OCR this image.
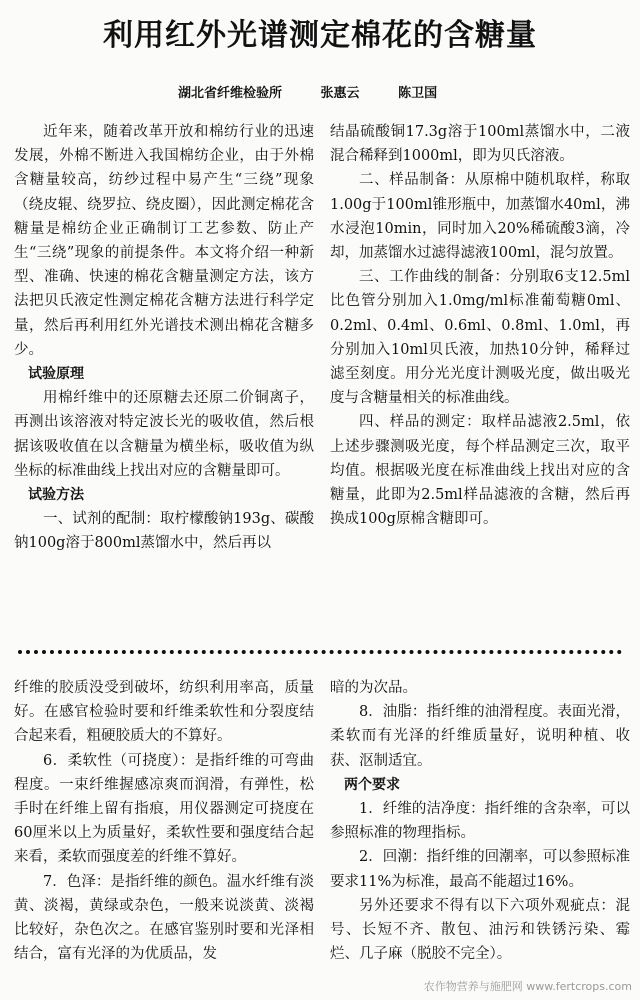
利用红外光谱测定棉花的含糖量
湖北省纤维检验所	张惠云	陈卫国

近年来，随着改革开放和棉纺行业的迅速发展，外棉不断进入我国棉纺企业，由于外棉含糖量较高，纺纱过程中易产生“三绕”现象（绕皮辊、绕罗拉、绕皮圈），因此测定棉花含糖量是棉纺企业正确制订工艺参数、防止产生“三绕”现象的前提条件。本文将介绍一种新型、准确、快速的棉花含糖量测定方法，该方法把贝氏液定性测定棉花含糖方法进行科学定量，然后再利用红外光谱技术测出棉花含糖多少。

试验原理

用棉纤维中的还原糖去还原二价铜离子，再测出该溶液对特定波长光的吸收值，然后根据该吸收值在以含糖量为横坐标，吸收值为纵坐标的标准曲线上找出对应的含糖量即可。

试验方法

一、试剂的配制：取柠檬酸钠193g、碳酸钠100g溶于800ml蒸馏水中，然后再以

结晶硫酸铜17.3g溶于100ml蒸馏水中，二液混合稀释到1000ml，即为贝氏溶液。

二、样品制备：从原棉中随机取样，称取1.00g于100ml锥形瓶中，加蒸馏水40ml，沸水浸泡10min，同时加入20%稀硫酸3滴，冷却，加蒸馏水过滤得滤液100ml，混匀放置。

三、工作曲线的制备：分别取6支12.5ml比色管分别加入1.0mg/ml标准葡萄糖0ml、0.2ml、0.4ml、0.6ml、0.8ml、1.0ml，再分别加入10ml贝氏液，加热10分钟，稀释过滤至刻度。用分光光度计测吸光度，做出吸光度与含糖量相关的标准曲线。

四、样品的测定：取样品滤液2.5ml，依上述步骤测吸光度，每个样品测定三次，取平均值。根据吸光度在标准曲线上找出对应的含糖量，此即为2.5ml样品滤液的含糖，然后再换成100g原棉含糖即可。

纤维的胶质没受到破坏，纺织利用率高，质量好。在感官检验时要和纤维柔软性和分裂度结合起来看，粗硬胶质大的不算好。

6．柔软性（可挠度）：是指纤维的可弯曲程度。一束纤维握感凉爽而润滑，有弹性，松手时在纤维上留有指痕，用仪器测定可挠度在60厘米以上为质量好，柔软性要和强度结合起来看，柔软而强度差的纤维不算好。

7．色泽：是指纤维的颜色。温水纤维有淡黄、淡褐，黄绿或杂色，一般来说淡黄、淡褐比较好，杂色次之。在感官鉴别时要和光泽相结合，富有光泽的为优质品，发

暗的为次品。

8．油脂：指纤维的油滑程度。表面光滑，柔软而有光泽的纤维质量好，说明种植、收获、沤制适宜。

两个要求

1．纤维的洁净度：指纤维的含杂率，可以参照标准的物理指标。

2．回潮：指纤维的回潮率，可以参照标准要求11%为标准，最高不能超过16%。

另外还要求不得有以下六项外观疵点：混号、长短不齐、散包、油污和铁锈污染、霉烂、几子麻（脱胶不完全）。

农作物营养与施肥网 www.fertcrops.com
